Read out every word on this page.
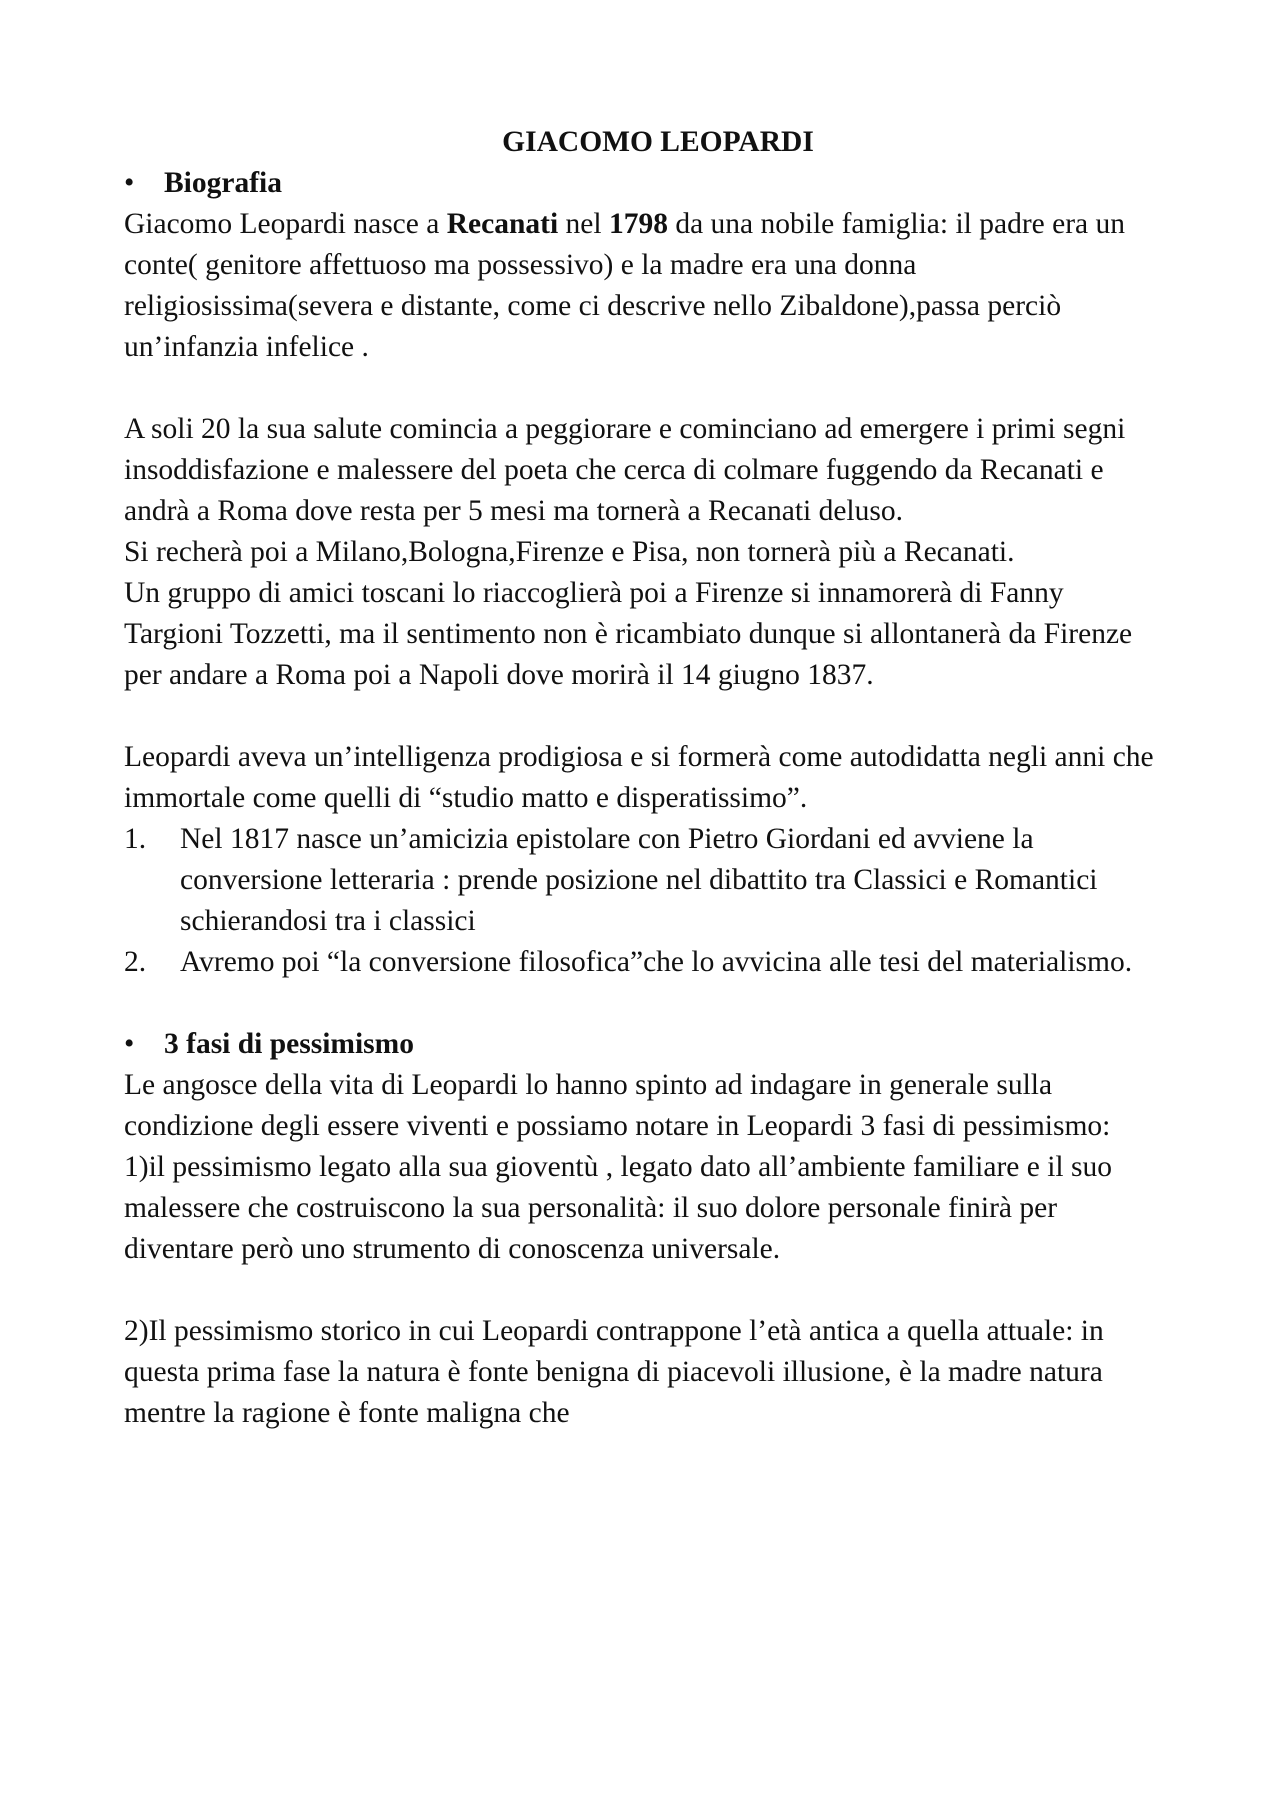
GIACOMO LEOPARDI
•	Biografia

Giacomo Leopardi nasce a Recanati nel 1798 da una nobile famiglia: il padre era un conte( genitore affettuoso ma possessivo) e la madre era una donna religiosissima(severa e distante, come ci descrive nello Zibaldone),passa perciò un’infanzia infelice .

A soli 20 la sua salute comincia a peggiorare e cominciano ad emergere i primi segni insoddisfazione e malessere del poeta che cerca di colmare fuggendo da Recanati e andrà a Roma dove resta per 5 mesi ma tornerà a Recanati deluso.

Si recherà poi a Milano,Bologna,Firenze e Pisa, non tornerà più a Recanati.

Un gruppo di amici toscani lo riaccoglierà poi a Firenze si innamorerà di Fanny Targioni Tozzetti, ma il sentimento non è ricambiato dunque si allontanerà da Firenze per andare a Roma poi a Napoli dove morirà il 14 giugno 1837.

Leopardi aveva un’intelligenza prodigiosa e si formerà come autodidatta negli anni che immortale come quelli di “studio matto e disperatissimo”.

1.	Nel 1817 nasce un’amicizia epistolare con Pietro Giordani ed avviene la conversione letteraria : prende posizione nel dibattito tra Classici e Romantici schierandosi tra i classici
2.	Avremo poi “la conversione filosofica”che lo avvicina alle tesi del materialismo.
•	3 fasi di pessimismo

Le angosce della vita di Leopardi lo hanno spinto ad indagare in generale sulla condizione degli essere viventi e possiamo notare in Leopardi 3 fasi di pessimismo:

1)il pessimismo legato alla sua gioventù , legato dato all’ambiente familiare e il suo malessere che costruiscono la sua personalità: il suo dolore personale finirà per diventare però uno strumento di conoscenza universale.

2)Il pessimismo storico in cui Leopardi contrappone l’età antica a quella attuale: in questa prima fase la natura è fonte benigna di piacevoli illusione, è la madre natura mentre la ragione è fonte maligna che
